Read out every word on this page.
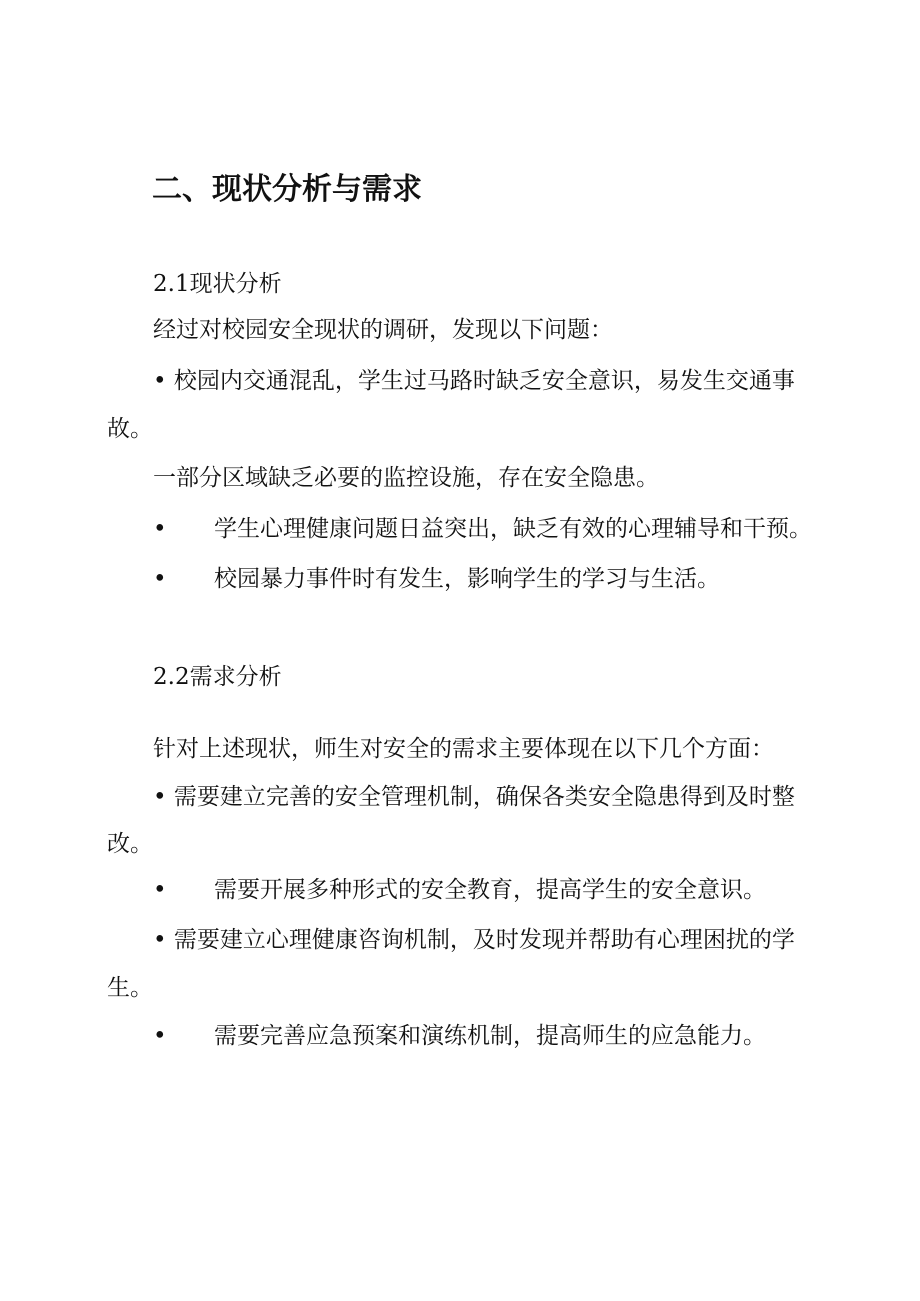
二、现状分析与需求
2.1现状分析
经过对校园安全现状的调研，发现以下问题：
• 校园内交通混乱，学生过马路时缺乏安全意识，易发生交通事
故。
一部分区域缺乏必要的监控设施，存在安全隐患。
• 学生心理健康问题日益突出，缺乏有效的心理辅导和干预。
• 校园暴力事件时有发生，影响学生的学习与生活。
2.2需求分析
针对上述现状，师生对安全的需求主要体现在以下几个方面：
• 需要建立完善的安全管理机制，确保各类安全隐患得到及时整
改。
• 需要开展多种形式的安全教育，提高学生的安全意识。
• 需要建立心理健康咨询机制，及时发现并帮助有心理困扰的学
生。
• 需要完善应急预案和演练机制，提高师生的应急能力。
